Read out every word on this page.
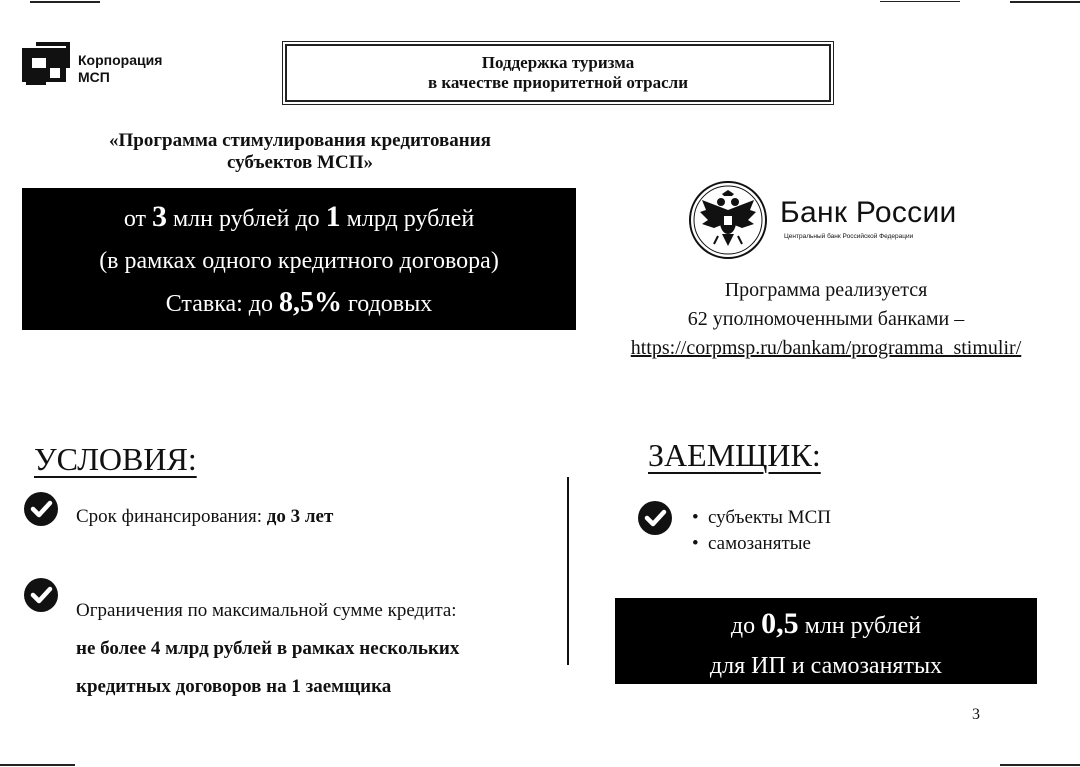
Корпорация
МСП
Поддержка туризма
в качестве приоритетной отрасли
«Программа стимулирования кредитования
субъектов МСП»
от 3 млн рублей до 1 млрд рублей
(в рамках одного кредитного договора)
Ставка: до 8,5% годовых
Банк России
Центральный банк Российской Федерации
Программа реализуется
62 уполномоченными банками –
https://corpmsp.ru/bankam/programma_stimulir/
УСЛОВИЯ:
Срок финансирования: до 3 лет
Ограничения по максимальной сумме кредита:
не более 4 млрд рублей в рамках нескольких
кредитных договоров на 1 заемщика
ЗАЕМЩИК:
• субъекты МСП
• самозанятые
до 0,5 млн рублей
для ИП и самозанятых
3
